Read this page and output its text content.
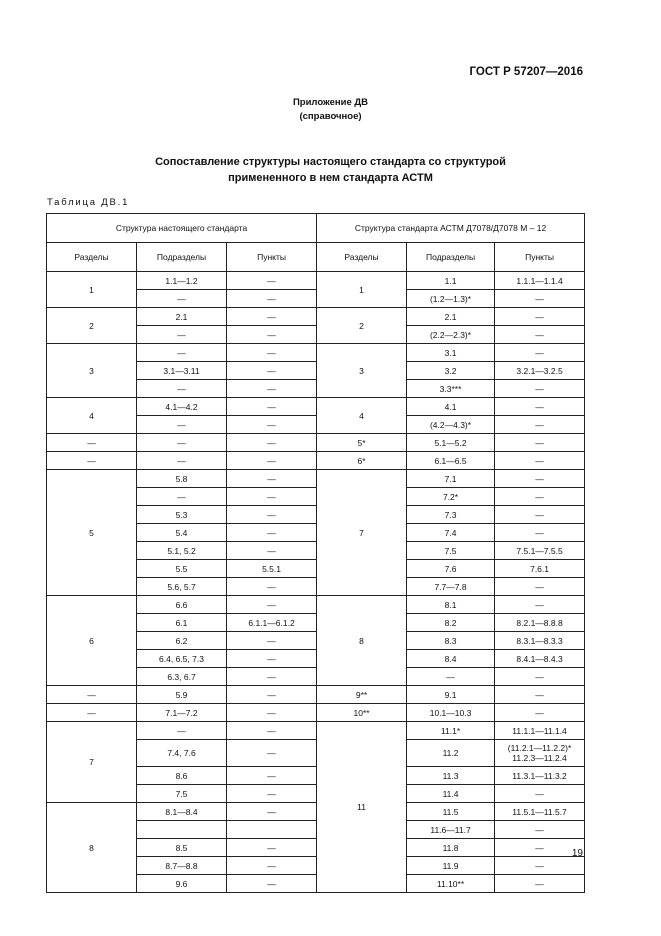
ГОСТ Р 57207—2016
Приложение ДВ
(справочное)
Сопоставление структуры настоящего стандарта со структурой
примененного в нем стандарта АСТМ
Таблица ДВ.1
Структура настоящего стандарта			Структура стандарта АСТМ Д7078/Д7078 М – 12		
Разделы	Подразделы	Пункты	Разделы	Подразделы	Пункты
1	1.1—1.2	—	1	1.1	1.1.1—1.1.4
	—	—		(1.2—1.3)*	—
2	2.1	—	2	2.1	—
	—	—		(2.2—2.3)*	—
3	—	—	3	3.1	—
	3.1—3.11	—		3.2	3.2.1—3.2.5
	—	—		3.3***	—
4	4.1—4.2	—	4	4.1	—
	—	—		(4.2—4.3)*	—
—	—	—	5*	5.1—5.2	—
—	—	—	6*	6.1—6.5	—
5	5.8	—	7	7.1	—
	—	—		7.2*	—
	5.3	—		7.3	—
	5.4	—		7.4	—
	5.1, 5.2	—		7.5	7.5.1—7.5.5
	5.5	5.5.1		7.6	7.6.1
	5.6, 5.7	—		7.7—7.8	—
6	6.6	—	8	8.1	—
	6.1	6.1.1—6.1.2		8.2	8.2.1—8.8.8
	6.2	—		8.3	8.3.1—8.3.3
	6.4, 6.5, 7.3	—		8.4	8.4.1—8.4.3
	6.3, 6.7	—		—	—
—	5.9	—	9**	9.1	—
—	7.1—7.2	—	10**	10.1—10.3	—
7	—	—	11	11.1*	11.1.1—11.1.4
	7.4, 7.6	—		11.2	(11.2.1—11.2.2)*
11.2.3—11.2.4

	8.6	—		11.3	11.3.1—11.3.2
	7.5	—		11.4	—
8	8.1—8.4	—		11.5	11.5.1—11.5.7
				11.6—11.7	—
	8.5	—		11.8	—
	8.7—8.8	—		11.9	—
	9.6	—		11.10**	—
19
